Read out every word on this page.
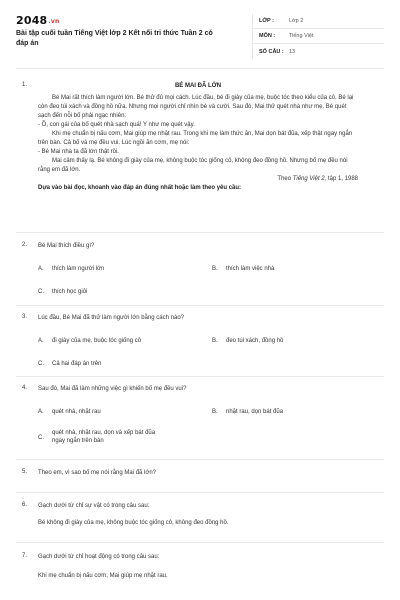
2048.vn
Bài tập cuối tuần Tiếng Việt lớp 2 Kết nối tri thức Tuần 2 có
đáp án
LỚP :	Lớp 2
MÔN :	Tiếng Việt
SỐ CÂU : 13
1.	BÉ MAI ĐÃ LỚN

Bé Mai rất thích làm người lớn. Bé thử đủ mọi cách. Lúc đầu, bé đi giày của mẹ, buộc tóc theo kiểu của cô. Bé lại còn đeo túi xách và đồng hồ nữa. Nhưng mọi người chỉ nhìn bé và cười. Sau đó, Mai thử quét nhà như mẹ. Bé quét sạch đến nỗi bố phải ngạc nhiên:

- Ồ, con gái của bố quét nhà sạch quá! Y như mẹ quét vậy.

Khi mẹ chuẩn bị nấu cơm, Mai giúp mẹ nhặt rau. Trong khi mẹ làm thức ăn, Mai dọn bát đũa, xếp thật ngay ngắn trên bàn. Cả bố và mẹ đều vui. Lúc ngồi ăn cơm, mẹ nói:

- Bé Mai nhà ta đã lớn thật rồi.

Mai cảm thấy lạ. Bé không đi giày của mẹ, không buộc tóc giống cô, không đeo đồng hồ. Nhưng bố mẹ đều nói rằng em đã lớn.

Theo Tiếng Việt 2, tập 1, 1988

Dựa vào bài đọc, khoanh vào đáp án đúng nhất hoặc làm theo yêu cầu:

2. Bé Mai thích điều gì?
A. thích làm người lớn	B. thích làm việc nhà
C. thích học giỏi
3. Lúc đầu, Bé Mai đã thử làm người lớn bằng cách nào?
A. đi giày của mẹ, buộc tóc giống cô	B. đeo túi xách, đồng hồ
C. Cả hai đáp án trên
4. Sau đó, Mai đã làm những việc gì khiến bố mẹ đều vui?
A. quét nhà, nhặt rau	B. nhặt rau, dọn bát đũa
C.
quét nhà, nhặt rau, dọn và xếp bát đũa
ngay ngắn trên bàn
5. Theo em, vì sao bố mẹ nói rằng Mai đã lớn?
6. Gạch dưới từ chỉ sự vật có trong câu sau:
Bé không đi giày của mẹ, không buộc tóc giống cô, không đeo đồng hồ.
7. Gạch dưới từ chỉ hoạt động có trong câu sau:
Khi mẹ chuẩn bị nấu cơm, Mai giúp mẹ nhặt rau.
